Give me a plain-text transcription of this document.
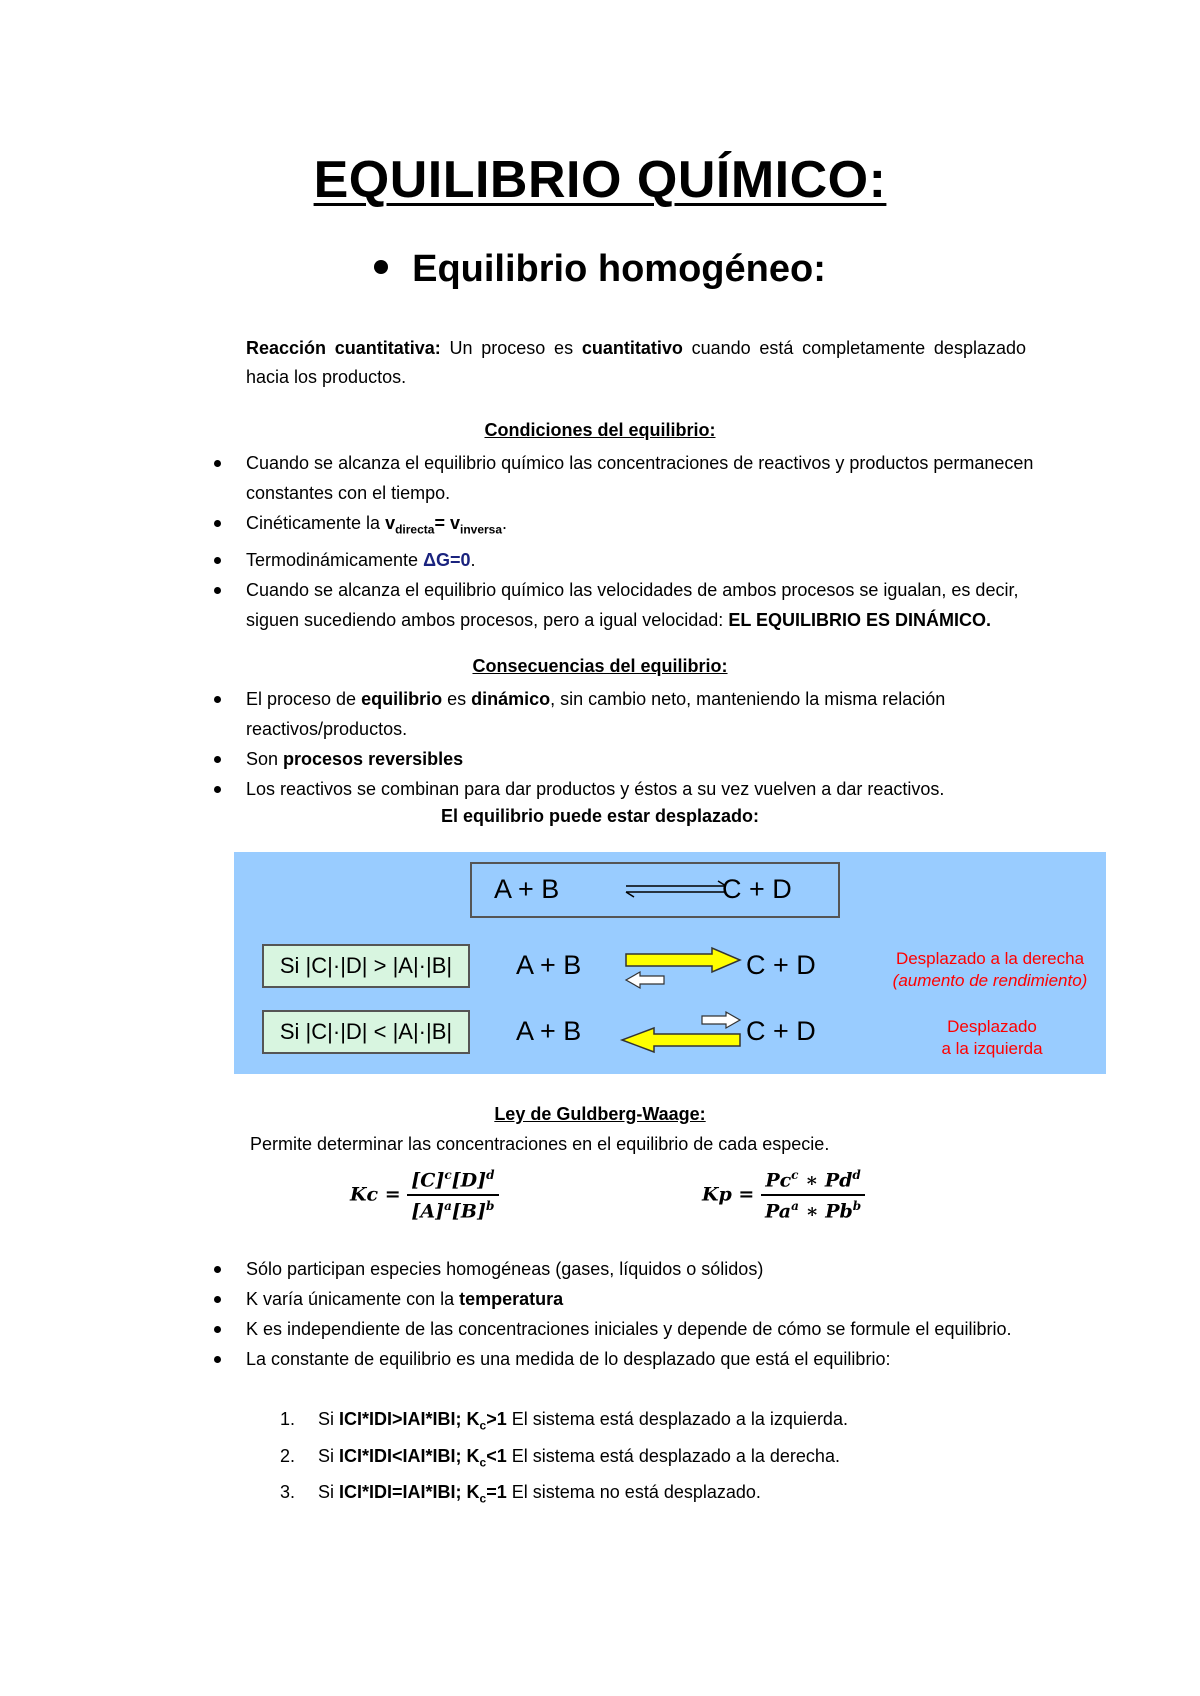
EQUILIBRIO QUÍMICO:
Equilibrio homogéneo:
Reacción cuantitativa: Un proceso es cuantitativo cuando está completamente desplazado hacia los productos.
Condiciones del equilibrio:
Cuando se alcanza el equilibrio químico las concentraciones de reactivos y productos permanecen constantes con el tiempo.
Cinéticamente la $v_{directa}= v_{inversa}$.
Termodinámicamente ΔG=0.
Cuando se alcanza el equilibrio químico las velocidades de ambos procesos se igualan, es decir, siguen sucediendo ambos procesos, pero a igual velocidad: EL EQUILIBRIO ES DINÁMICO.
Consecuencias del equilibrio:
El proceso de equilibrio es dinámico, sin cambio neto, manteniendo la misma relación reactivos/productos.
Son procesos reversibles
Los reactivos se combinan para dar productos y éstos a su vez vuelven a dar reactivos.
El equilibrio puede estar desplazado:
A + B	C + D
Si |C|·|D| > |A|·|B|	A + B	C + D	Desplazado a la derecha
(aumento de rendimiento)
Si |C|·|D| < |A|·|B|	A + B	C + D	Desplazado
a la izquierda
Ley de Guldberg-Waage:
Permite determinar las concentraciones en el equilibrio de cada especie.
$Kc = \frac{[C]^c[D]^d}{[A]^a[B]^b}$	$Kp = \frac{Pc^c ∗ Pd^d}{Pa^a ∗ Pb^b}$
Sólo participan especies homogéneas (gases, líquidos o sólidos)
K varía únicamente con la temperatura
K es independiente de las concentraciones iniciales y depende de cómo se formule el equilibrio.
La constante de equilibrio es una medida de lo desplazado que está el equilibrio:
1. Si ICI*IDI>IAI*IBI; $K_c>1$ El sistema está desplazado a la izquierda.
2. Si ICI*IDI<IAI*IBI; $K_c<1$ El sistema está desplazado a la derecha.
3. Si ICI*IDI=IAI*IBI; $K_c=1$ El sistema no está desplazado.
